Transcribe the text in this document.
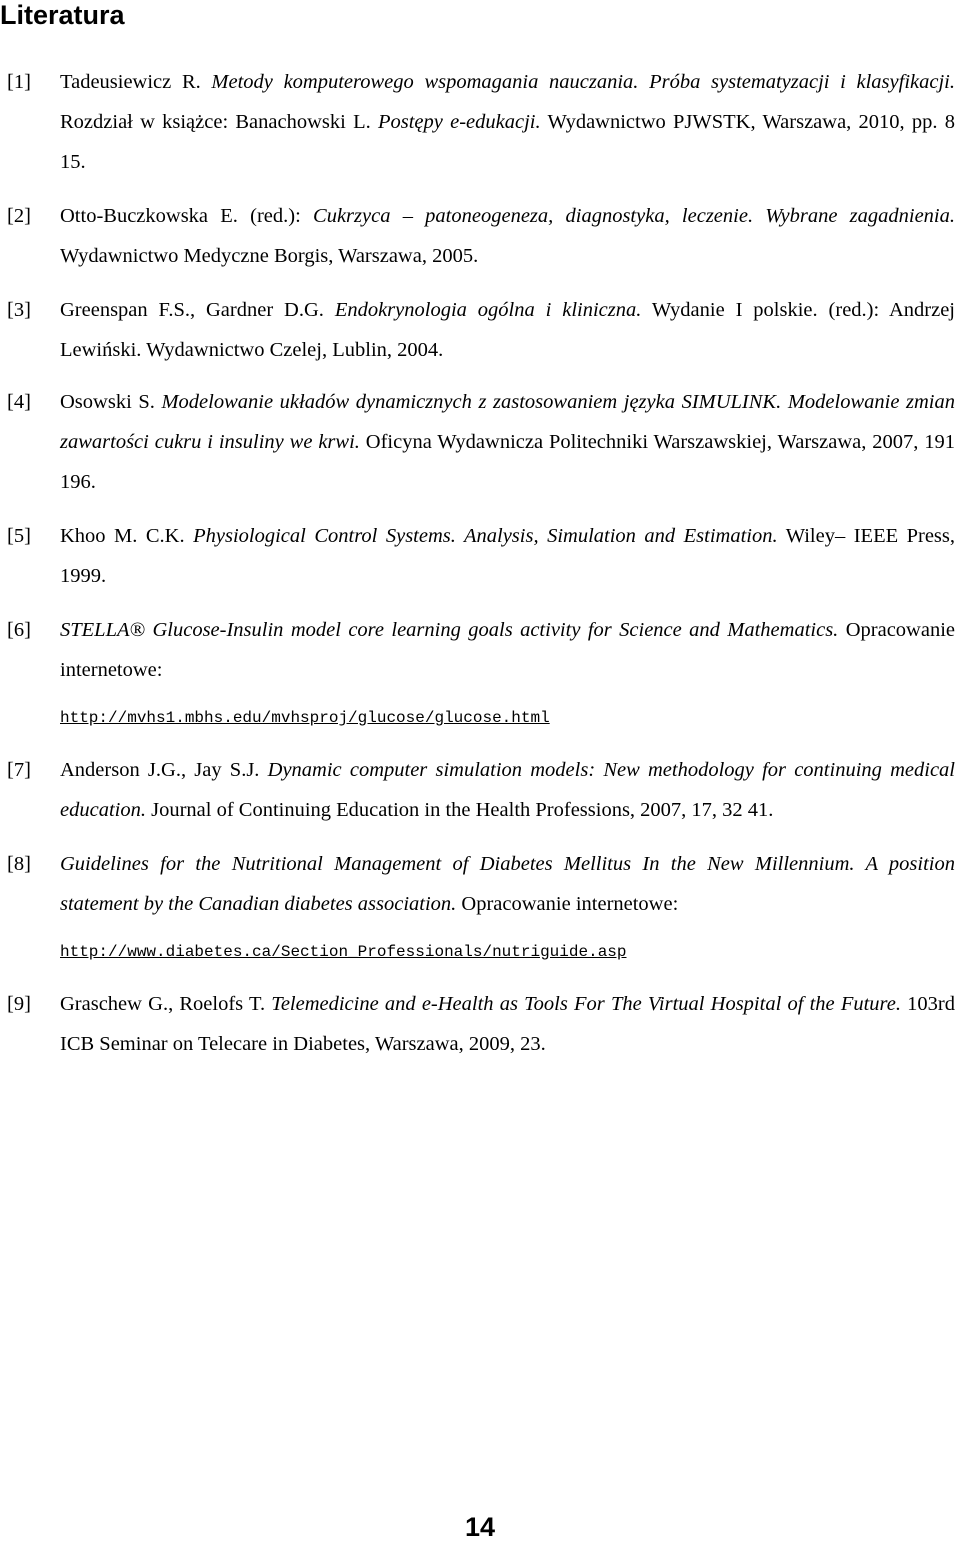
Literatura
[1]	Tadeusiewicz R. Metody komputerowego wspomagania nauczania. Próba systematyzacji i klasyfikacji. Rozdział w książce: Banachowski L. Postępy e-edukacji. Wydawnictwo PJWSTK, Warszawa, 2010, pp. 8 15.
[2]	Otto-Buczkowska E. (red.): Cukrzyca – patoneogeneza, diagnostyka, leczenie. Wybrane zagadnienia. Wydawnictwo Medyczne Borgis, Warszawa, 2005.
[3]	Greenspan F.S., Gardner D.G. Endokrynologia ogólna i kliniczna. Wydanie I polskie. (red.): Andrzej Lewiński. Wydawnictwo Czelej, Lublin, 2004.
[4]	Osowski S. Modelowanie układów dynamicznych z zastosowaniem języka SIMULINK. Modelowanie zmian zawartości cukru i insuliny we krwi. Oficyna Wydawnicza Politechniki Warszawskiej, Warszawa, 2007, 191 196.
[5]	Khoo M. C.K. Physiological Control Systems. Analysis, Simulation and Estimation. Wiley– IEEE Press, 1999.
[6]	STELLA® Glucose-Insulin model core learning goals activity for Science and Mathematics. Opracowanie internetowe:
http://mvhs1.mbhs.edu/mvhsproj/glucose/glucose.html
[7]	Anderson J.G., Jay S.J. Dynamic computer simulation models: New methodology for continuing medical education. Journal of Continuing Education in the Health Professions, 2007, 17, 32 41.
[8]	Guidelines for the Nutritional Management of Diabetes Mellitus In the New Millennium. A position statement by the Canadian diabetes association. Opracowanie internetowe:
http://www.diabetes.ca/Section_Professionals/nutriguide.asp
[9]	Graschew G., Roelofs T. Telemedicine and e-Health as Tools For The Virtual Hospital of the Future. 103rd ICB Seminar on Telecare in Diabetes, Warszawa, 2009, 23.
14
